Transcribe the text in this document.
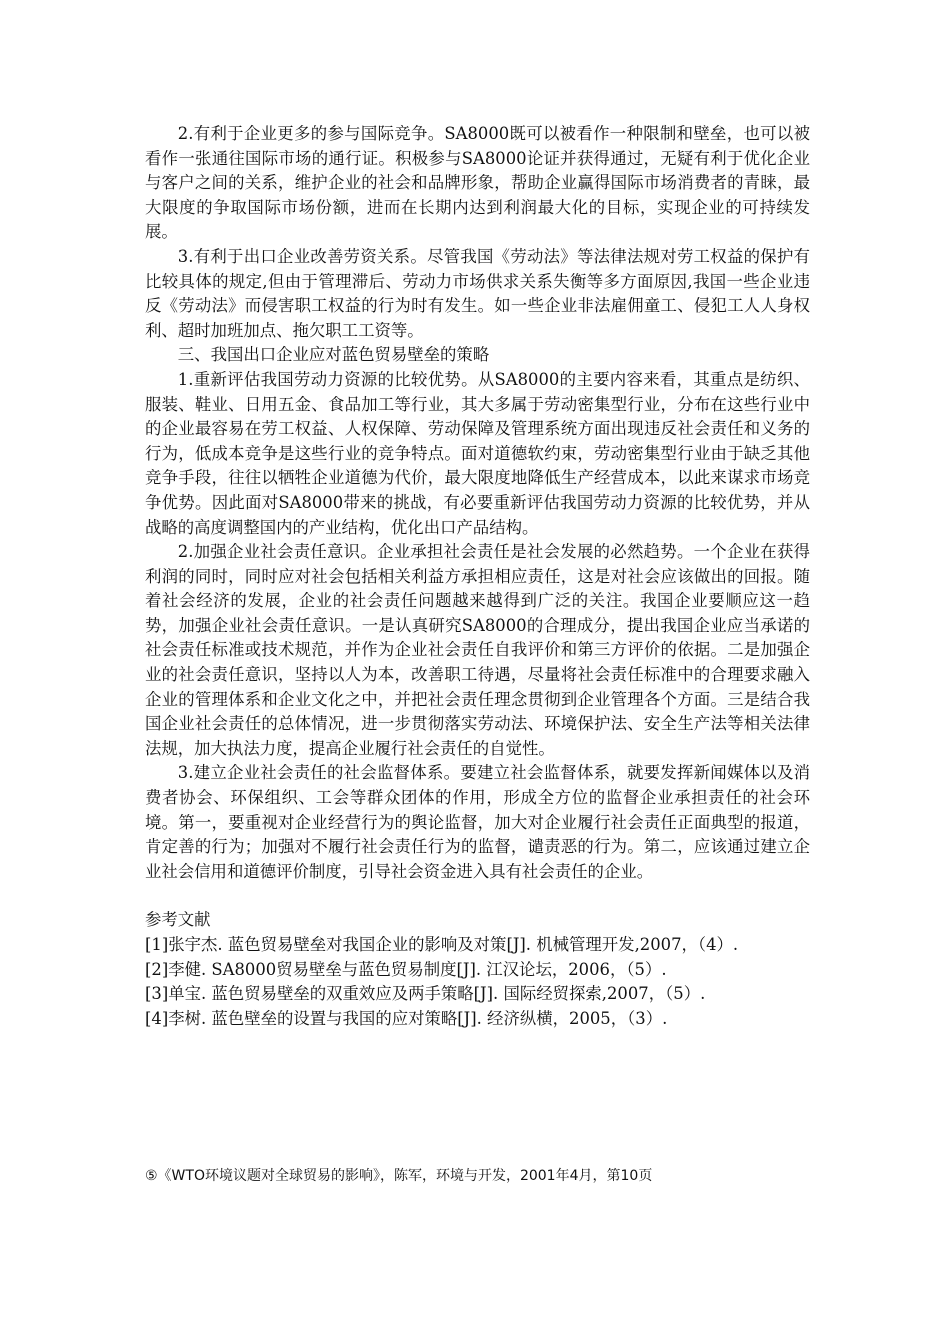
2.有利于企业更多的参与国际竞争。SA8000既可以被看作一种限制和壁垒，也可以被看作一张通往国际市场的通行证。积极参与SA8000论证并获得通过，无疑有利于优化企业与客户之间的关系，维护企业的社会和品牌形象，帮助企业赢得国际市场消费者的青睐，最大限度的争取国际市场份额，进而在长期内达到利润最大化的目标，实现企业的可持续发展。

3.有利于出口企业改善劳资关系。尽管我国《劳动法》等法律法规对劳工权益的保护有比较具体的规定,但由于管理滞后、劳动力市场供求关系失衡等多方面原因,我国一些企业违反《劳动法》而侵害职工权益的行为时有发生。如一些企业非法雇佣童工、侵犯工人人身权利、超时加班加点、拖欠职工工资等。

三、我国出口企业应对蓝色贸易壁垒的策略

1.重新评估我国劳动力资源的比较优势。从SA8000的主要内容来看，其重点是纺织、服装、鞋业、日用五金、食品加工等行业，其大多属于劳动密集型行业，分布在这些行业中的企业最容易在劳工权益、人权保障、劳动保障及管理系统方面出现违反社会责任和义务的行为，低成本竞争是这些行业的竞争特点。面对道德软约束，劳动密集型行业由于缺乏其他竞争手段，往往以牺牲企业道德为代价，最大限度地降低生产经营成本，以此来谋求市场竞争优势。因此面对SA8000带来的挑战，有必要重新评估我国劳动力资源的比较优势，并从战略的高度调整国内的产业结构，优化出口产品结构。

2.加强企业社会责任意识。企业承担社会责任是社会发展的必然趋势。一个企业在获得利润的同时，同时应对社会包括相关利益方承担相应责任，这是对社会应该做出的回报。随着社会经济的发展，企业的社会责任问题越来越得到广泛的关注。我国企业要顺应这一趋势，加强企业社会责任意识。一是认真研究SA8000的合理成分，提出我国企业应当承诺的社会责任标准或技术规范，并作为企业社会责任自我评价和第三方评价的依据。二是加强企业的社会责任意识，坚持以人为本，改善职工待遇，尽量将社会责任标准中的合理要求融入企业的管理体系和企业文化之中，并把社会责任理念贯彻到企业管理各个方面。三是结合我国企业社会责任的总体情况，进一步贯彻落实劳动法、环境保护法、安全生产法等相关法律法规，加大执法力度，提高企业履行社会责任的自觉性。

3.建立企业社会责任的社会监督体系。要建立社会监督体系，就要发挥新闻媒体以及消费者协会、环保组织、工会等群众团体的作用，形成全方位的监督企业承担责任的社会环境。第一，要重视对企业经营行为的舆论监督，加大对企业履行社会责任正面典型的报道，肯定善的行为；加强对不履行社会责任行为的监督，谴责恶的行为。第二，应该通过建立企业社会信用和道德评价制度，引导社会资金进入具有社会责任的企业。

参考文献

[1]张宇杰. 蓝色贸易壁垒对我国企业的影响及对策[J]. 机械管理开发,2007，（4）.

[2]李健. SA8000贸易壁垒与蓝色贸易制度[J]. 江汉论坛，2006，（5）.

[3]单宝. 蓝色贸易壁垒的双重效应及两手策略[J]. 国际经贸探索,2007，（5）.

[4]李树. 蓝色壁垒的设置与我国的应对策略[J]. 经济纵横，2005，（3）.

⑤《WTO环境议题对全球贸易的影响》，陈军，环境与开发，2001年4月，第10页
